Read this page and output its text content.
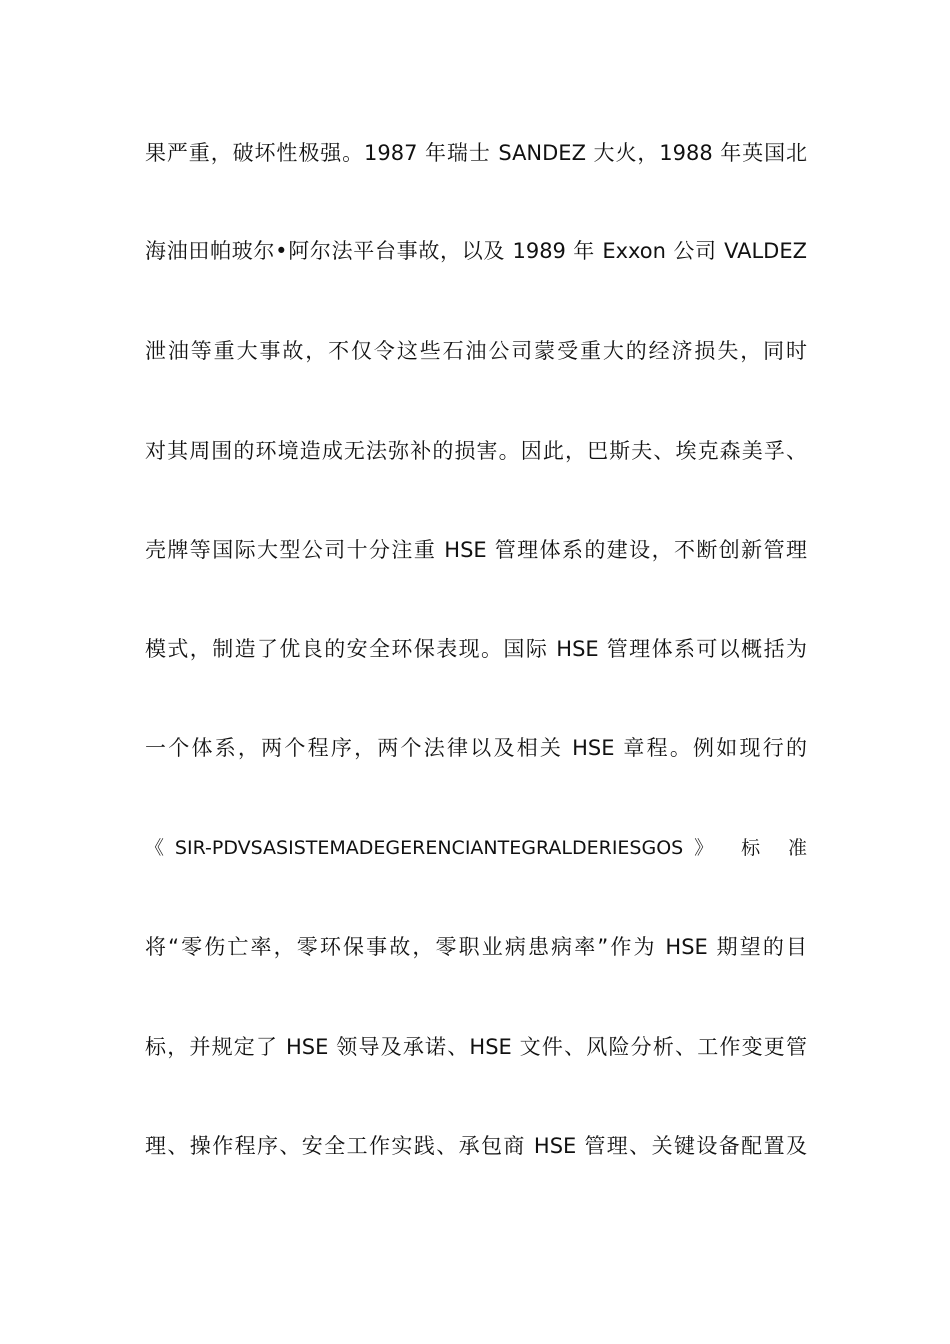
果严重，破坏性极强。1987 年瑞士 SANDEZ 大火，1988 年英国北
海油田帕玻尔•阿尔法平台事故，以及 1989 年 Exxon 公司 VALDEZ
泄油等重大事故，不仅令这些石油公司蒙受重大的经济损失，同时
对其周围的环境造成无法弥补的损害。因此，巴斯夫、埃克森美孚、
壳牌等国际大型公司十分注重 HSE 管理体系的建设，不断创新管理
模式，制造了优良的安全环保表现。国际 HSE 管理体系可以概括为
一个体系，两个程序，两个法律以及相关 HSE 章程。例如现行的
《SIR-PDVSASISTEMADEGERENCIANTEGRALDERIESGOS》 标 准
将“零伤亡率，零环保事故，零职业病患病率”作为 HSE 期望的目
标，并规定了 HSE 领导及承诺、HSE 文件、风险分析、工作变更管
理、操作程序、安全工作实践、承包商 HSE 管理、关键设备配置及
